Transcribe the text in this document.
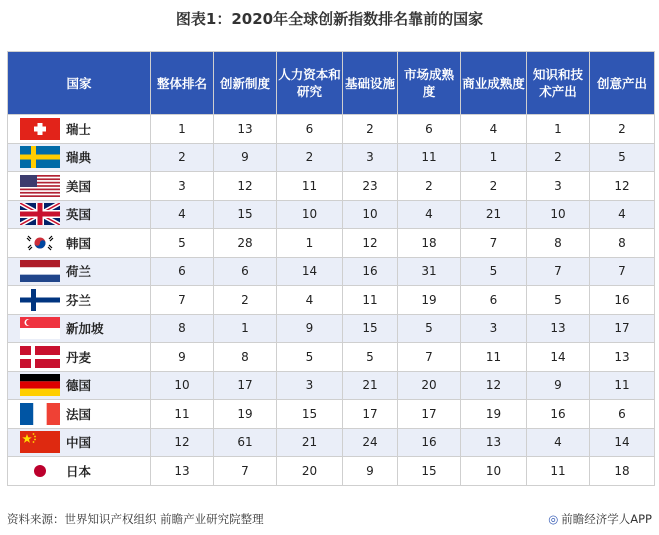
图表1：2020年全球创新指数排名靠前的国家
国家	整体排名	创新制度	人力资本和研究	基础设施	市场成熟度	商业成熟度	知识和技术产出	创意产出
瑞士	1	13	6	2	6	4	1	2
瑞典	2	9	2	3	11	1	2	5
美国	3	12	11	23	2	2	3	12
英国	4	15	10	10	4	21	10	4
韩国	5	28	1	12	18	7	8	8
荷兰	6	6	14	16	31	5	7	7
芬兰	7	2	4	11	19	6	5	16
新加坡	8	1	9	15	5	3	13	17
丹麦	9	8	5	5	7	11	14	13
德国	10	17	3	21	20	12	9	11
法国	11	19	15	17	17	19	16	6
中国	12	61	21	24	16	13	4	14
日本	13	7	20	9	15	10	11	18
资料来源：世界知识产权组织 前瞻产业研究院整理	◎ 前瞻经济学人APP
